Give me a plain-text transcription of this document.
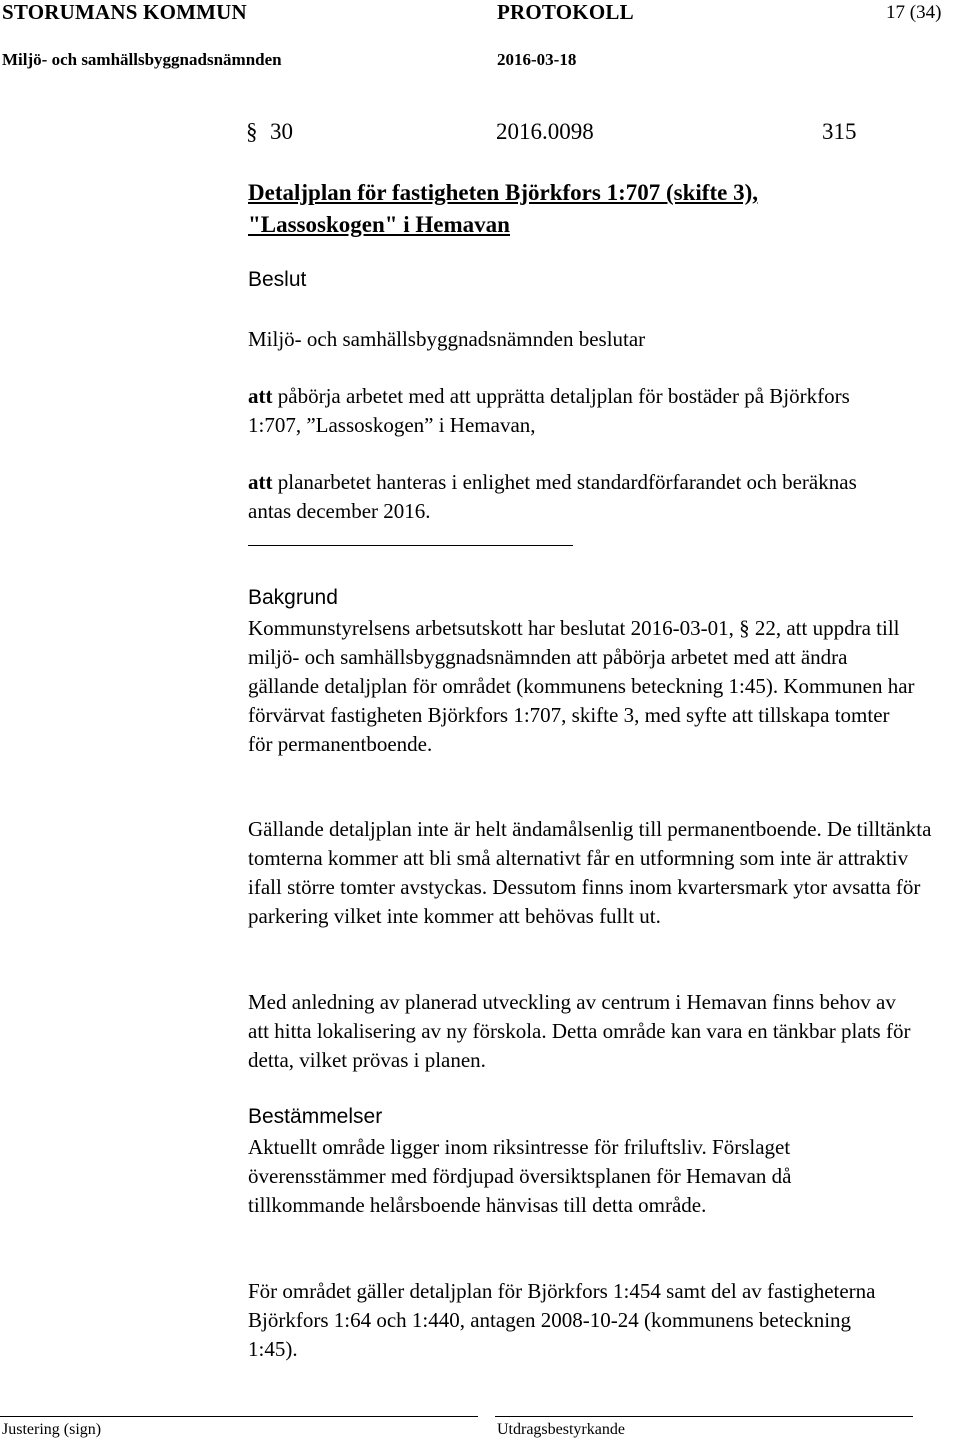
STORUMANS KOMMUN	PROTOKOLL	17 (34)
Miljö- och samhällsbyggnadsnämnden	2016-03-18
§ 30	2016.0098	315
Detaljplan för fastigheten Björkfors 1:707 (skifte 3),
"Lassoskogen" i Hemavan
Beslut
Miljö- och samhällsbyggnadsnämnden beslutar
att påbörja arbetet med att upprätta detaljplan för bostäder på Björkfors 1:707, ”Lassoskogen” i Hemavan,
att planarbetet hanteras i enlighet med standardförfarandet och beräknas antas december 2016.
Bakgrund
Kommunstyrelsens arbetsutskott har beslutat 2016-03-01, § 22, att uppdra till miljö- och samhällsbyggnadsnämnden att påbörja arbetet med att ändra gällande detaljplan för området (kommunens beteckning 1:45). Kommunen har förvärvat fastigheten Björkfors 1:707, skifte 3, med syfte att tillskapa tomter för permanentboende.
Gällande detaljplan inte är helt ändamålsenlig till permanentboende. De tilltänkta tomterna kommer att bli små alternativt får en utformning som inte är attraktiv ifall större tomter avstyckas. Dessutom finns inom kvartersmark ytor avsatta för parkering vilket inte kommer att behövas fullt ut.
Med anledning av planerad utveckling av centrum i Hemavan finns behov av att hitta lokalisering av ny förskola. Detta område kan vara en tänkbar plats för detta, vilket prövas i planen.
Bestämmelser
Aktuellt område ligger inom riksintresse för friluftsliv. Förslaget överensstämmer med fördjupad översiktsplanen för Hemavan då tillkommande helårsboende hänvisas till detta område.
För området gäller detaljplan för Björkfors 1:454 samt del av fastigheterna Björkfors 1:64 och 1:440, antagen 2008-10-24 (kommunens beteckning 1:45).
Justering (sign)	Utdragsbestyrkande
